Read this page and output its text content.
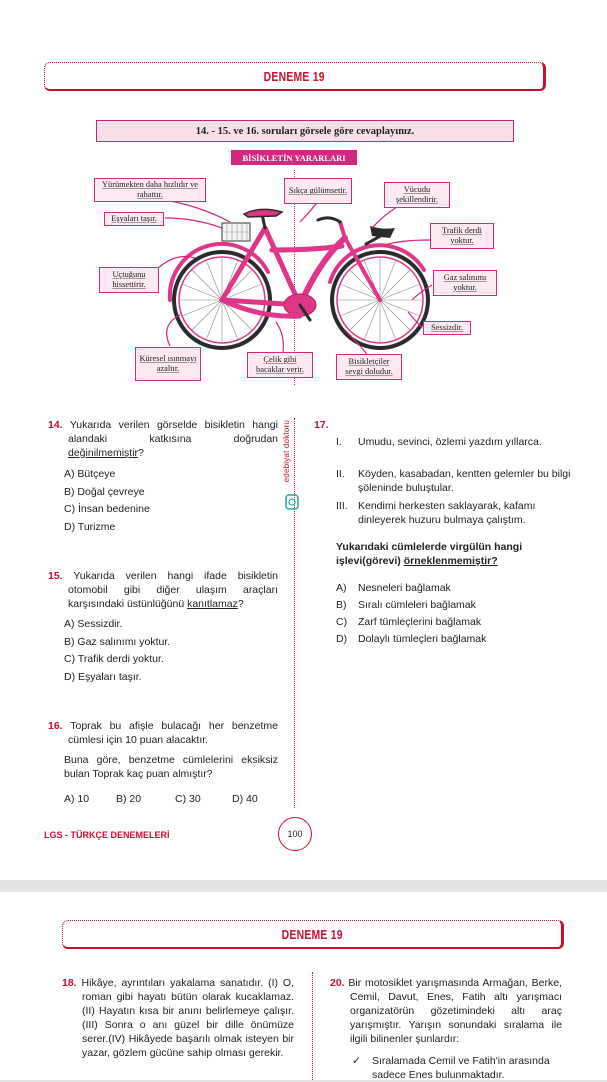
DENEME 19
14. - 15. ve 16. soruları görsele göre cevaplayınız.
BİSİKLETİN YARARLARI
Yürümekten daha hızlıdır ve rahattır.
Eşyaları taşır.
Uçtuğunu hissettirir.
Küresel ısınmayı azaltır.
Çelik gibi bacaklar verir.
Bisikletçiler sevgi doludur.
Sıkça gülümsetir.	Vücudu şekillendirir.
Trafik derdi yoktur.
Gaz salınımı yoktur.
Sessizdir.
edebiyat doktoru
14. Yukarıda verilen görselde bisikletin hangi alandaki katkısına doğrudan değinilmemiştir?
A) Bütçeye
B) Doğal çevreye
C) İnsan bedenine
D) Turizme
15. Yukarıda verilen hangi ifade bisikletin otomobil gibi diğer ulaşım araçları karşısındaki üstünlüğünü kanıtlamaz?
A) Sessizdir.
B) Gaz salınımı yoktur.
C) Trafik derdi yoktur.
D) Eşyaları taşır.
16. Toprak bu afişle bulacağı her benzetme cümlesi için 10 puan alacaktır.
Buna göre, benzetme cümlelerini eksiksiz bulan Toprak kaç puan almıştır?
A) 10	B) 20	C) 30	D) 40
17.
I.	Umudu, sevinci, özlemi yazdım yıllarca.
II.	Köyden, kasabadan, kentten gelemler bu bilgi şöleninde buluştular.
III. Kendimi herkesten saklayarak, kafamı dinleyerek huzuru bulmaya çalıştım.
Yukarıdaki cümlelerde virgülün hangi işlevi(görevi) örneklenmemiştir?
A) Nesneleri bağlamak
B) Sıralı cümleleri bağlamak
C) Zarf tümleçlerini bağlamak
D) Dolaylı tümleçleri bağlamak
LGS - TÜRKÇE DENEMELERİ	100
DENEME 19
18. Hikâye, ayrıntıları yakalama sanatıdır. (I) O, roman gibi hayatı bütün olarak kucaklamaz. (II) Hayatın kısa bir anını belirlemeye çalışır. (III) Sonra o anı güzel bir dille önümüze serer.(IV) Hikâyede başarılı olmak isteyen bir yazar, gözlem gücüne sahip olması gerekir.
20. Bir motosiklet yarışmasında Armağan, Berke, Cemil, Davut, Enes, Fatih altı yarışmacı organizatörün gözetimindeki altı araç yarışmıştır. Yarışın sonundaki sıralama ile ilgili bilinenler şunlardır:
✓ Sıralamada Cemil ve Fatih'in arasında sadece Enes bulunmaktadır.
